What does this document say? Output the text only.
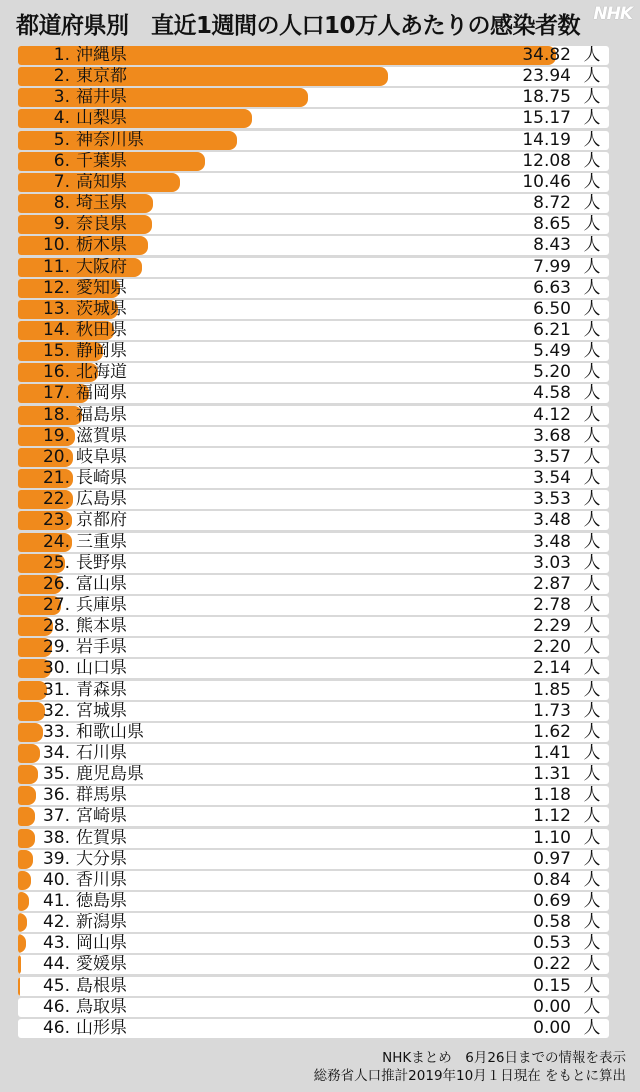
都道府県別　直近1週間の人口10万人あたりの感染者数 NHK
1. 沖縄県	34.82 人
2. 東京都	23.94 人
3. 福井県	18.75 人
4. 山梨県	15.17 人
5. 神奈川県	14.19 人
6. 千葉県	12.08 人
7. 高知県	10.46 人
8. 埼玉県	8.72 人
9. 奈良県	8.65 人
10. 栃木県	8.43 人
11. 大阪府	7.99 人
12. 愛知県	6.63 人
13. 茨城県	6.50 人
14. 秋田県	6.21 人
15. 静岡県	5.49 人
16. 北海道	5.20 人
17. 福岡県	4.58 人
18. 福島県	4.12 人
19. 滋賀県	3.68 人
20. 岐阜県	3.57 人
21. 長崎県	3.54 人
22. 広島県	3.53 人
23. 京都府	3.48 人
24. 三重県	3.48 人
25. 長野県	3.03 人
26. 富山県	2.87 人
27. 兵庫県	2.78 人
28. 熊本県	2.29 人
29. 岩手県	2.20 人
30. 山口県	2.14 人
31. 青森県	1.85 人
32. 宮城県	1.73 人
33. 和歌山県	1.62 人
34. 石川県	1.41 人
35. 鹿児島県	1.31 人
36. 群馬県	1.18 人
37. 宮崎県	1.12 人
38. 佐賀県	1.10 人
39. 大分県	0.97 人
40. 香川県	0.84 人
41. 徳島県	0.69 人
42. 新潟県	0.58 人
43. 岡山県	0.53 人
44. 愛媛県	0.22 人
45. 島根県	0.15 人
46. 鳥取県	0.00 人
46. 山形県	0.00 人
NHKまとめ　6月26日までの情報を表示
総務省人口推計2019年10月１日現在 をもとに算出
